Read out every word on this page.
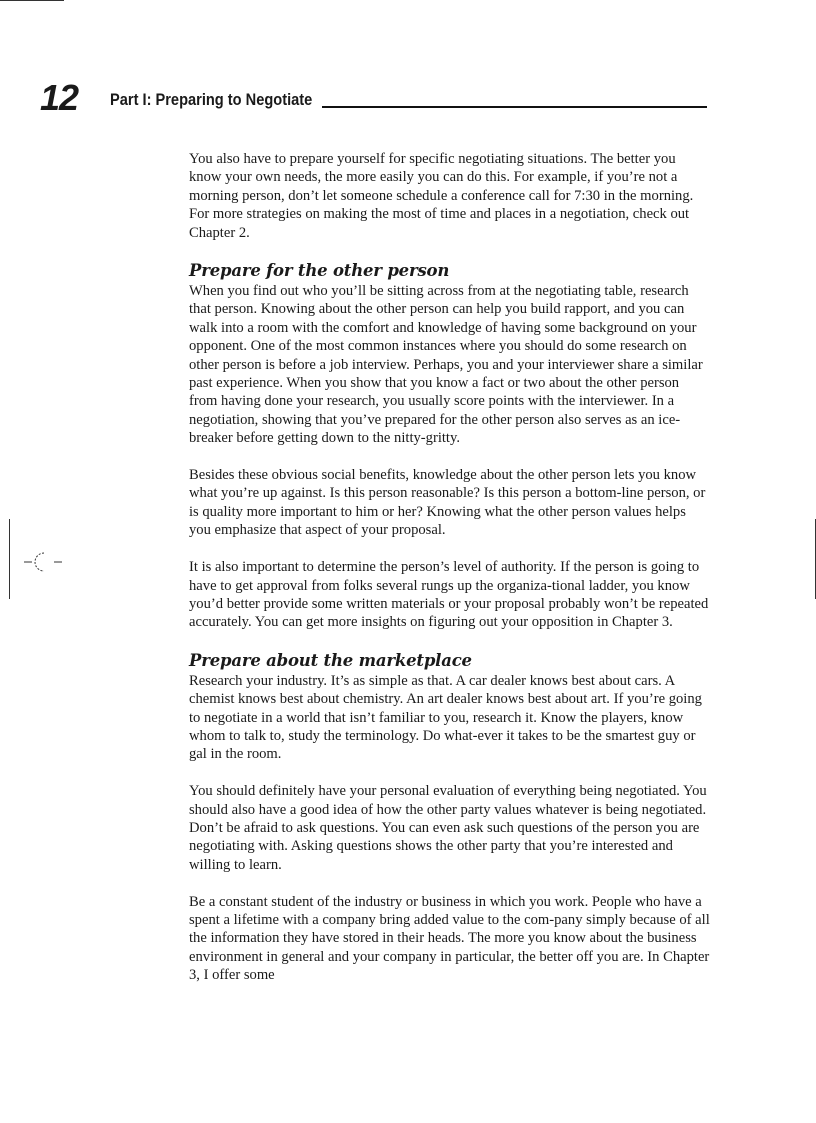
12 Part I: Preparing to Negotiate

You also have to prepare yourself for specific negotiating situations. The better you know your own needs, the more easily you can do this. For example, if you’re not a morning person, don’t let someone schedule a conference call for 7:30 in the morning. For more strategies on making the most of time and places in a negotiation, check out Chapter 2.

Prepare for the other person

When you find out who you’ll be sitting across from at the negotiating table, research that person. Knowing about the other person can help you build rapport, and you can walk into a room with the comfort and knowledge of having some background on your opponent. One of the most common instances where you should do some research on other person is before a job interview. Perhaps, you and your interviewer share a similar past experience. When you show that you know a fact or two about the other person from having done your research, you usually score points with the interviewer. In a negotiation, showing that you’ve prepared for the other person also serves as an ice-breaker before getting down to the nitty-gritty.

Besides these obvious social benefits, knowledge about the other person lets you know what you’re up against. Is this person reasonable? Is this person a bottom-line person, or is quality more important to him or her? Knowing what the other person values helps you emphasize that aspect of your proposal.

It is also important to determine the person’s level of authority. If the person is going to have to get approval from folks several rungs up the organiza-tional ladder, you know you’d better provide some written materials or your proposal probably won’t be repeated accurately. You can get more insights on figuring out your opposition in Chapter 3.

Prepare about the marketplace

Research your industry. It’s as simple as that. A car dealer knows best about cars. A chemist knows best about chemistry. An art dealer knows best about art. If you’re going to negotiate in a world that isn’t familiar to you, research it. Know the players, know whom to talk to, study the terminology. Do what-ever it takes to be the smartest guy or gal in the room.

You should definitely have your personal evaluation of everything being negotiated. You should also have a good idea of how the other party values whatever is being negotiated. Don’t be afraid to ask questions. You can even ask such questions of the person you are negotiating with. Asking questions shows the other party that you’re interested and willing to learn.

Be a constant student of the industry or business in which you work. People who have a spent a lifetime with a company bring added value to the com-pany simply because of all the information they have stored in their heads. The more you know about the business environment in general and your company in particular, the better off you are. In Chapter 3, I offer some
